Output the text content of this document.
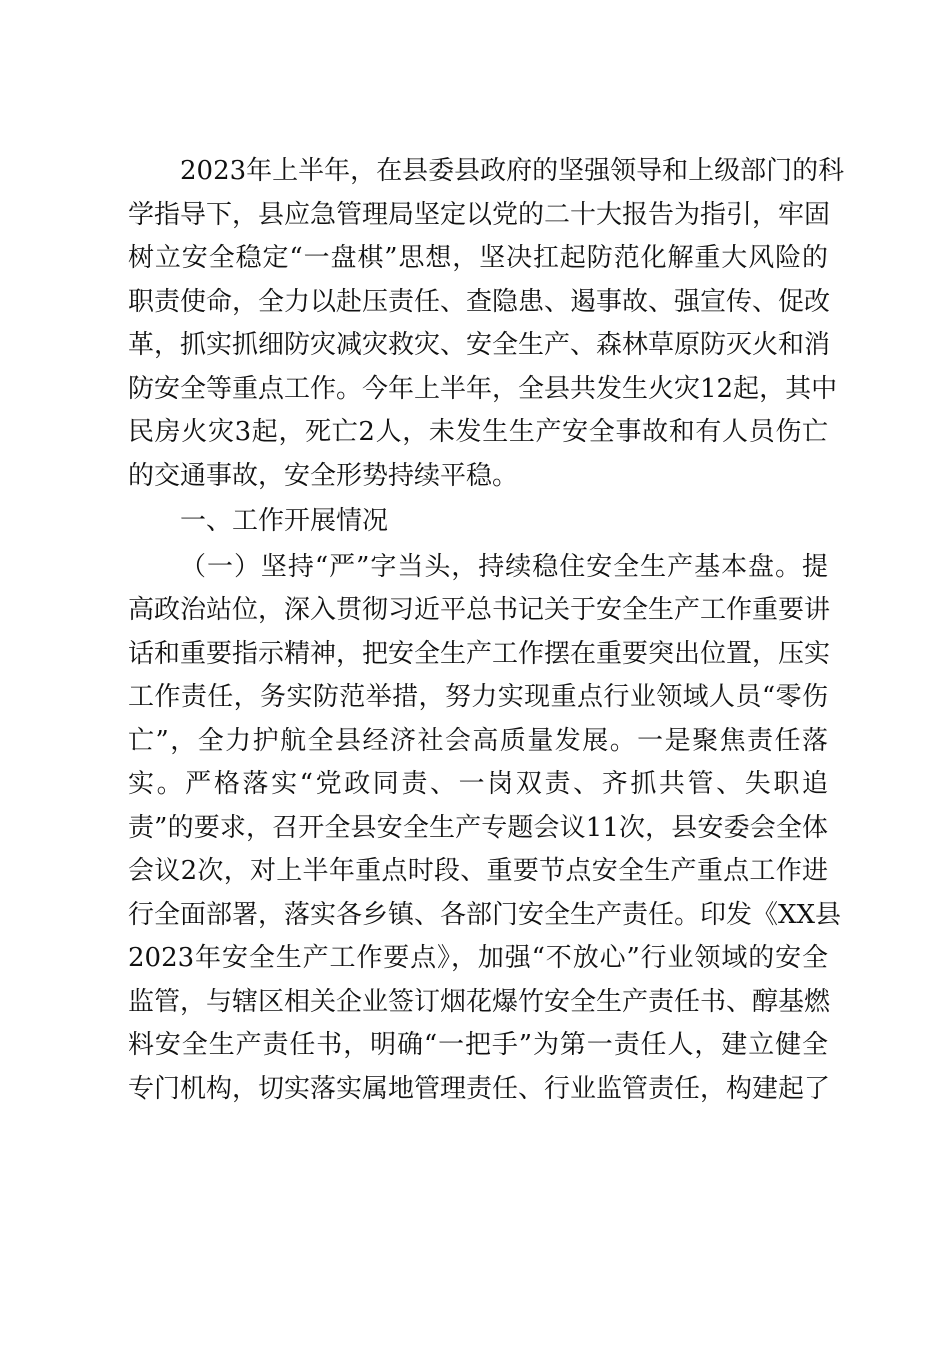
2023年上半年，在县委县政府的坚强领导和上级部门的科
学指导下，县应急管理局坚定以党的二十大报告为指引，牢固
树立安全稳定“一盘棋”思想，坚决扛起防范化解重大风险的
职责使命，全力以赴压责任、查隐患、遏事故、强宣传、促改
革，抓实抓细防灾减灾救灾、安全生产、森林草原防灭火和消
防安全等重点工作。今年上半年，全县共发生火灾12起，其中
民房火灾3起，死亡2人，未发生生产安全事故和有人员伤亡
的交通事故，安全形势持续平稳。
一、工作开展情况
（一）坚持“严”字当头，持续稳住安全生产基本盘。提
高政治站位，深入贯彻习近平总书记关于安全生产工作重要讲
话和重要指示精神，把安全生产工作摆在重要突出位置，压实
工作责任，务实防范举措，努力实现重点行业领域人员“零伤
亡”，全力护航全县经济社会高质量发展。一是聚焦责任落
实。严格落实“党政同责、一岗双责、齐抓共管、失职追
责”的要求，召开全县安全生产专题会议11次，县安委会全体
会议2次，对上半年重点时段、重要节点安全生产重点工作进
行全面部署，落实各乡镇、各部门安全生产责任。印发《XX县
2023年安全生产工作要点》，加强“不放心”行业领域的安全
监管，与辖区相关企业签订烟花爆竹安全生产责任书、醇基燃
料安全生产责任书，明确“一把手”为第一责任人，建立健全
专门机构，切实落实属地管理责任、行业监管责任，构建起了
